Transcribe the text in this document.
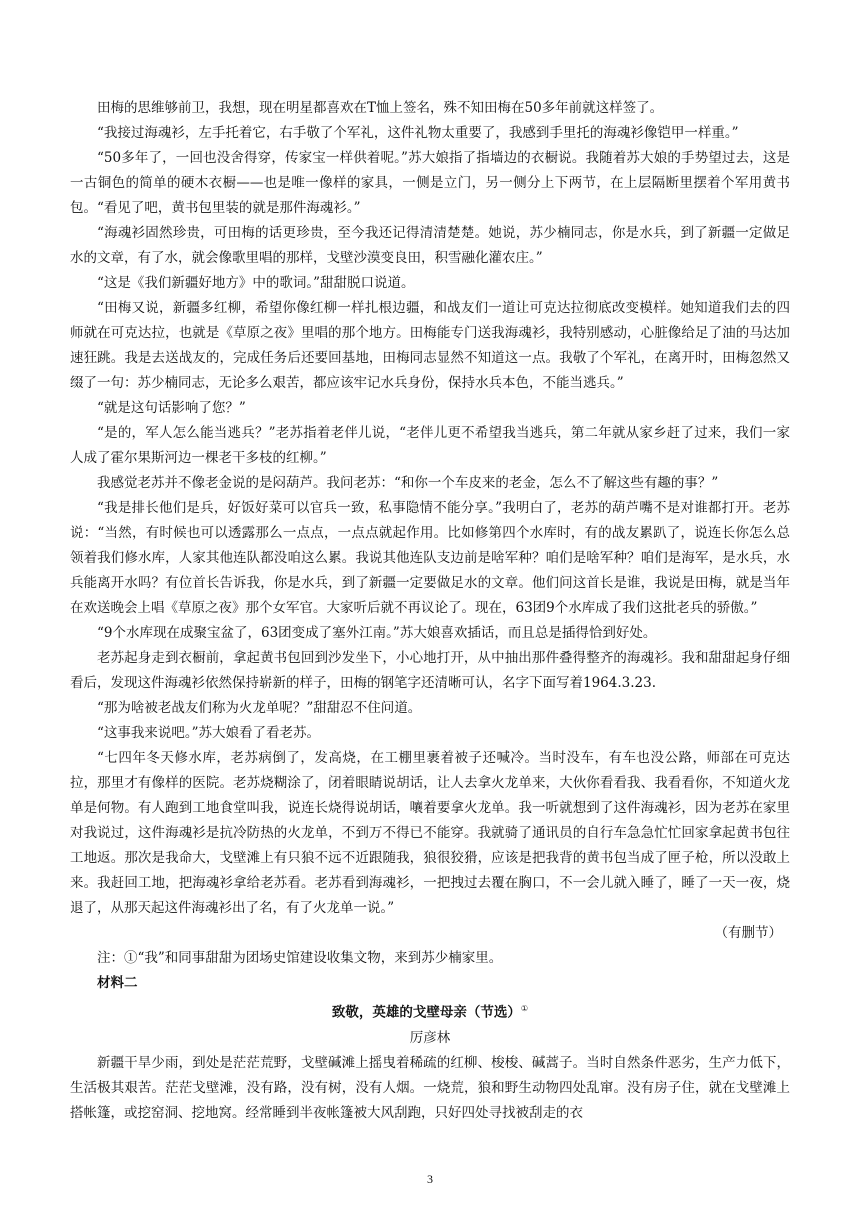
田梅的思维够前卫，我想，现在明星都喜欢在T恤上签名，殊不知田梅在50多年前就这样签了。

“我接过海魂衫，左手托着它，右手敬了个军礼，这件礼物太重要了，我感到手里托的海魂衫像铠甲一样重。”

“50多年了，一回也没舍得穿，传家宝一样供着呢。”苏大娘指了指墙边的衣橱说。我随着苏大娘的手势望过去，这是一古铜色的简单的硬木衣橱——也是唯一像样的家具，一侧是立门，另一侧分上下两节，在上层隔断里摆着个军用黄书包。“看见了吧，黄书包里装的就是那件海魂衫。”

“海魂衫固然珍贵，可田梅的话更珍贵，至今我还记得清清楚楚。她说，苏少楠同志，你是水兵，到了新疆一定做足水的文章，有了水，就会像歌里唱的那样，戈壁沙漠变良田，积雪融化灌农庄。”

“这是《我们新疆好地方》中的歌词。”甜甜脱口说道。

“田梅又说，新疆多红柳，希望你像红柳一样扎根边疆，和战友们一道让可克达拉彻底改变模样。她知道我们去的四师就在可克达拉，也就是《草原之夜》里唱的那个地方。田梅能专门送我海魂衫，我特别感动，心脏像给足了油的马达加速狂跳。我是去送战友的，完成任务后还要回基地，田梅同志显然不知道这一点。我敬了个军礼，在离开时，田梅忽然又缀了一句：苏少楠同志，无论多么艰苦，都应该牢记水兵身份，保持水兵本色，不能当逃兵。”

“就是这句话影响了您？”

“是的，军人怎么能当逃兵？”老苏指着老伴儿说，“老伴儿更不希望我当逃兵，第二年就从家乡赶了过来，我们一家人成了霍尔果斯河边一棵老干多枝的红柳。”

我感觉老苏并不像老金说的是闷葫芦。我问老苏：“和你一个车皮来的老金，怎么不了解这些有趣的事？”

“我是排长他们是兵，好饭好菜可以官兵一致，私事隐情不能分享。”我明白了，老苏的葫芦嘴不是对谁都打开。老苏说：“当然，有时候也可以透露那么一点点，一点点就起作用。比如修第四个水库时，有的战友累趴了，说连长你怎么总领着我们修水库，人家其他连队都没咱这么累。我说其他连队支边前是啥军种？咱们是啥军种？咱们是海军，是水兵，水兵能离开水吗？有位首长告诉我，你是水兵，到了新疆一定要做足水的文章。他们问这首长是谁，我说是田梅，就是当年在欢送晚会上唱《草原之夜》那个女军官。大家听后就不再议论了。现在，63团9个水库成了我们这批老兵的骄傲。”

“9个水库现在成聚宝盆了，63团变成了塞外江南。”苏大娘喜欢插话，而且总是插得恰到好处。

老苏起身走到衣橱前，拿起黄书包回到沙发坐下，小心地打开，从中抽出那件叠得整齐的海魂衫。我和甜甜起身仔细看后，发现这件海魂衫依然保持崭新的样子，田梅的钢笔字还清晰可认，名字下面写着1964.3.23.

“那为啥被老战友们称为火龙单呢？”甜甜忍不住问道。

“这事我来说吧。”苏大娘看了看老苏。

“七四年冬天修水库，老苏病倒了，发高烧，在工棚里裹着被子还喊冷。当时没车，有车也没公路，师部在可克达拉，那里才有像样的医院。老苏烧糊涂了，闭着眼睛说胡话，让人去拿火龙单来，大伙你看看我、我看看你，不知道火龙单是何物。有人跑到工地食堂叫我，说连长烧得说胡话，嚷着要拿火龙单。我一听就想到了这件海魂衫，因为老苏在家里对我说过，这件海魂衫是抗冷防热的火龙单，不到万不得已不能穿。我就骑了通讯员的自行车急急忙忙回家拿起黄书包往工地返。那次是我命大，戈壁滩上有只狼不远不近跟随我，狼很狡猾，应该是把我背的黄书包当成了匣子枪，所以没敢上来。我赶回工地，把海魂衫拿给老苏看。老苏看到海魂衫，一把拽过去覆在胸口，不一会儿就入睡了，睡了一天一夜，烧退了，从那天起这件海魂衫出了名，有了火龙单一说。”

（有删节）

注：①“我”和同事甜甜为团场史馆建设收集文物，来到苏少楠家里。

材料二

致敬，英雄的戈壁母亲（节选）①

厉彦林

新疆干旱少雨，到处是茫茫荒野，戈壁碱滩上摇曳着稀疏的红柳、梭梭、碱蒿子。当时自然条件恶劣，生产力低下，生活极其艰苦。茫茫戈壁滩，没有路，没有树，没有人烟。一烧荒，狼和野生动物四处乱窜。没有房子住，就在戈壁滩上搭帐篷，或挖窑洞、挖地窝。经常睡到半夜帐篷被大风刮跑，只好四处寻找被刮走的衣

3
